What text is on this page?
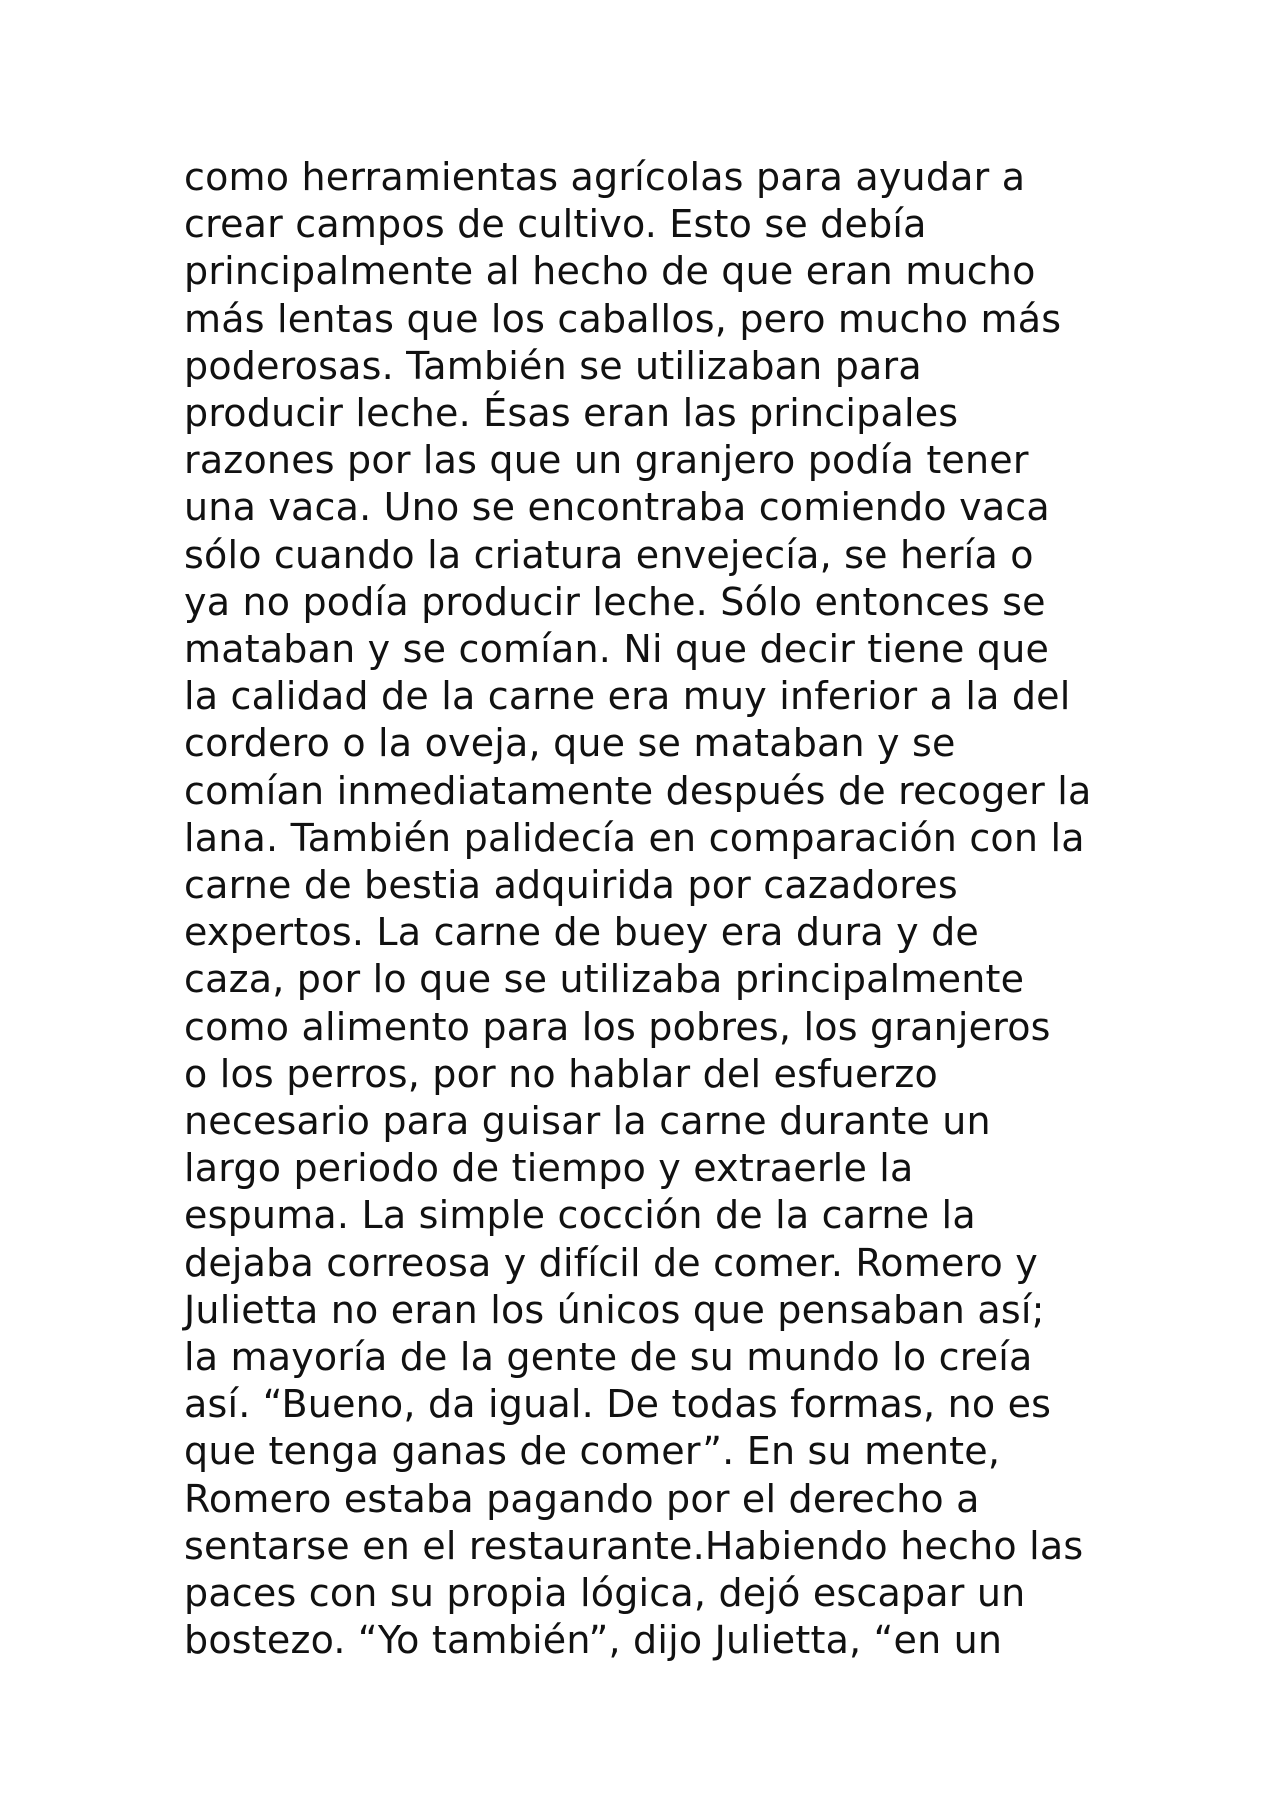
como herramientas agrícolas para ayudar a
crear campos de cultivo. Esto se debía
principalmente al hecho de que eran mucho
más lentas que los caballos, pero mucho más
poderosas. También se utilizaban para
producir leche. Ésas eran las principales
razones por las que un granjero podía tener
una vaca. Uno se encontraba comiendo vaca
sólo cuando la criatura envejecía, se hería o
ya no podía producir leche. Sólo entonces se
mataban y se comían. Ni que decir tiene que
la calidad de la carne era muy inferior a la del
cordero o la oveja, que se mataban y se
comían inmediatamente después de recoger la
lana. También palidecía en comparación con la
carne de bestia adquirida por cazadores
expertos. La carne de buey era dura y de
caza, por lo que se utilizaba principalmente
como alimento para los pobres, los granjeros
o los perros, por no hablar del esfuerzo
necesario para guisar la carne durante un
largo periodo de tiempo y extraerle la
espuma. La simple cocción de la carne la
dejaba correosa y difícil de comer. Romero y
Julietta no eran los únicos que pensaban así;
la mayoría de la gente de su mundo lo creía
así. “Bueno, da igual. De todas formas, no es
que tenga ganas de comer”. En su mente,
Romero estaba pagando por el derecho a
sentarse en el restaurante.Habiendo hecho las
paces con su propia lógica, dejó escapar un
bostezo. “Yo también”, dijo Julietta, “en un
